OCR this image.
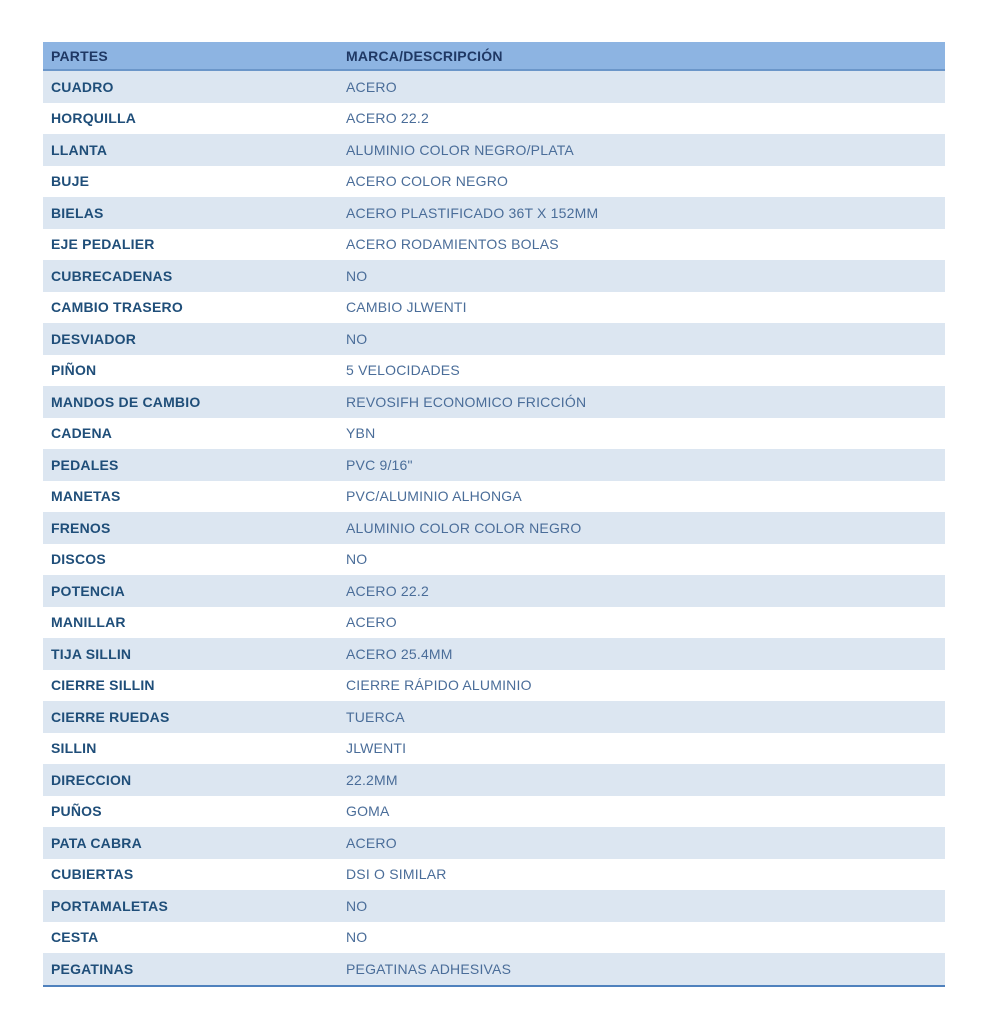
PARTES	MARCA/DESCRIPCIÓN
CUADRO	ACERO
HORQUILLA	ACERO 22.2
LLANTA	ALUMINIO COLOR NEGRO/PLATA
BUJE	ACERO COLOR NEGRO
BIELAS	ACERO PLASTIFICADO 36T X 152MM
EJE PEDALIER	ACERO RODAMIENTOS BOLAS
CUBRECADENAS	NO
CAMBIO TRASERO	CAMBIO JLWENTI
DESVIADOR	NO
PIÑON	5 VELOCIDADES
MANDOS DE CAMBIO	REVOSIFH ECONOMICO FRICCIÓN
CADENA	YBN
PEDALES	PVC 9/16"
MANETAS	PVC/ALUMINIO ALHONGA
FRENOS	ALUMINIO COLOR COLOR NEGRO
DISCOS	NO
POTENCIA	ACERO 22.2
MANILLAR	ACERO
TIJA SILLIN	ACERO 25.4MM
CIERRE SILLIN	CIERRE RÁPIDO ALUMINIO
CIERRE RUEDAS	TUERCA
SILLIN	JLWENTI
DIRECCION	22.2MM
PUÑOS	GOMA
PATA CABRA	ACERO
CUBIERTAS	DSI O SIMILAR
PORTAMALETAS	NO
CESTA	NO
PEGATINAS	PEGATINAS ADHESIVAS
